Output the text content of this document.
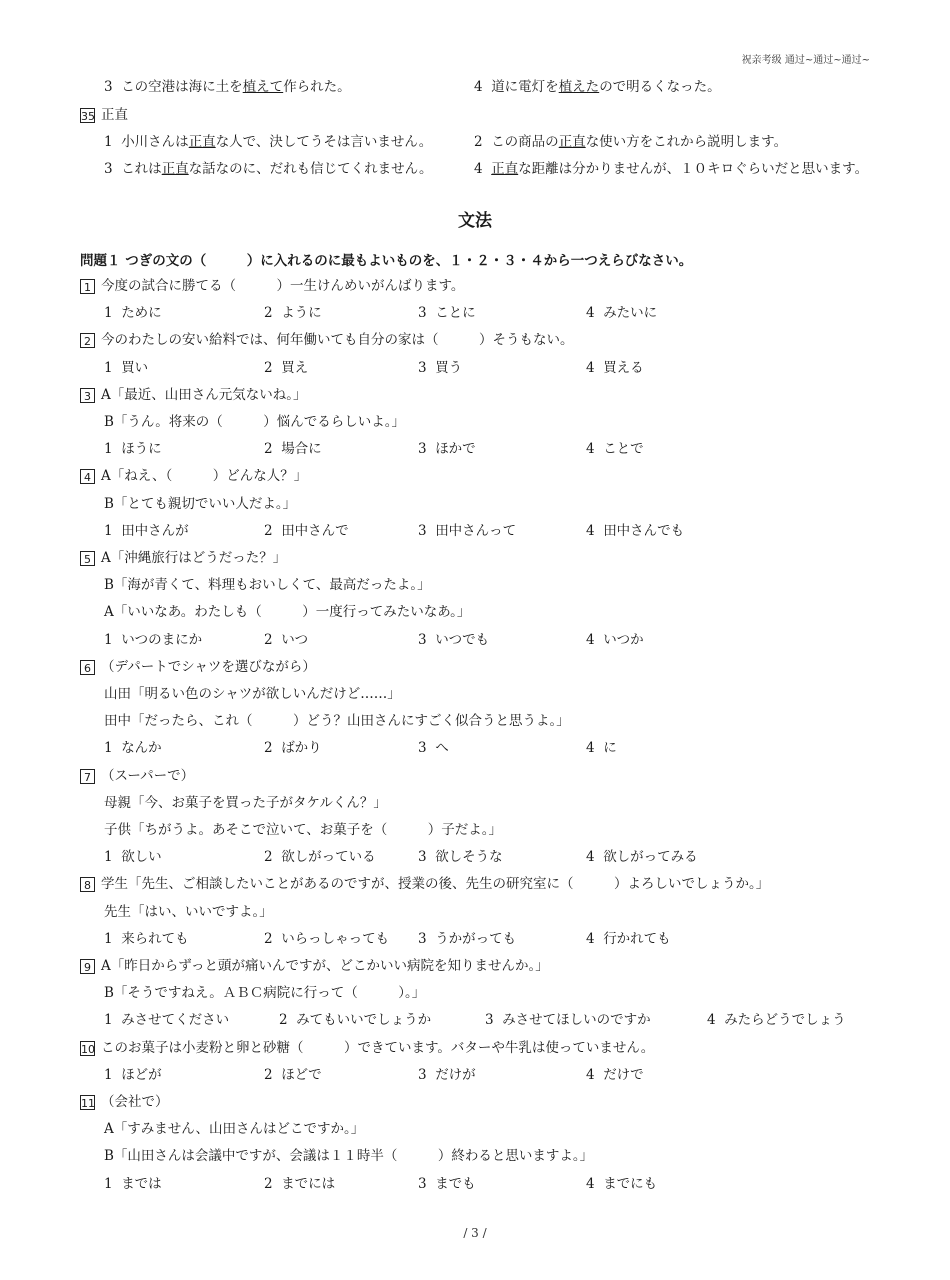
祝亲考级 通过~通过~通过~
3 この空港は海に土を植えて作られた。	4 道に電灯を植えたので明るくなった。
35 正直
1 小川さんは正直な人で、決してうそは言いません。	2 この商品の正直な使い方をこれから説明します。
3 これは正直な話なのに、だれも信じてくれません。	4 正直な距離は分かりませんが、１０キロぐらいだと思います。
文法
問題１ つぎの文の（　　　）に入れるのに最もよいものを、１・２・３・４から一つえらびなさい。
1 今度の試合に勝てる（　　　）一生けんめいがんばります。
1 ために	2 ように	3 ことに	4 みたいに
2 今のわたしの安い給料では、何年働いても自分の家は（　　　）そうもない。
1 買い	2 買え	3 買う	4 買える
3 A「最近、山田さん元気ないね。」
B「うん。将来の（　　　）悩んでるらしいよ。」
1 ほうに	2 場合に	3 ほかで	4 ことで
4 A「ねえ、（　　　）どんな人？」
B「とても親切でいい人だよ。」
1 田中さんが	2 田中さんで	3 田中さんって	4 田中さんでも
5 A「沖縄旅行はどうだった？」
B「海が青くて、料理もおいしくて、最高だったよ。」
A「いいなあ。わたしも（　　　）一度行ってみたいなあ。」
1 いつのまにか	2 いつ	3 いつでも	4 いつか
6 （デパートでシャツを選びながら）
山田「明るい色のシャツが欲しいんだけど……」
田中「だったら、これ（　　　）どう？山田さんにすごく似合うと思うよ。」
1 なんか	2 ばかり	3 へ	4 に
7 （スーパーで）
母親「今、お菓子を買った子がタケルくん？」
子供「ちがうよ。あそこで泣いて、お菓子を（　　　）子だよ。」
1 欲しい	2 欲しがっている	3 欲しそうな	4 欲しがってみる
8 学生「先生、ご相談したいことがあるのですが、授業の後、先生の研究室に（　　　）よろしいでしょうか。」
先生「はい、いいですよ。」
1 来られても	2 いらっしゃっても 3 うかがっても	4 行かれても
9 A「昨日からずっと頭が痛いんですが、どこかいい病院を知りませんか。」
B「そうですねえ。ＡＢＣ病院に行って（　　　）。」
1 みさせてください	2 みてもいいでしょうか	3 みさせてほしいのですか	4 みたらどうでしょう
10 このお菓子は小麦粉と卵と砂糖（　　　）できています。バターや牛乳は使っていません。
1 ほどが	2 ほどで	3 だけが	4 だけで
11 （会社で）
A「すみません、山田さんはどこですか。」
B「山田さんは会議中ですが、会議は１１時半（　　　）終わると思いますよ。」
1 までは	2 までには	3 までも	4 までにも
/ 3 /
